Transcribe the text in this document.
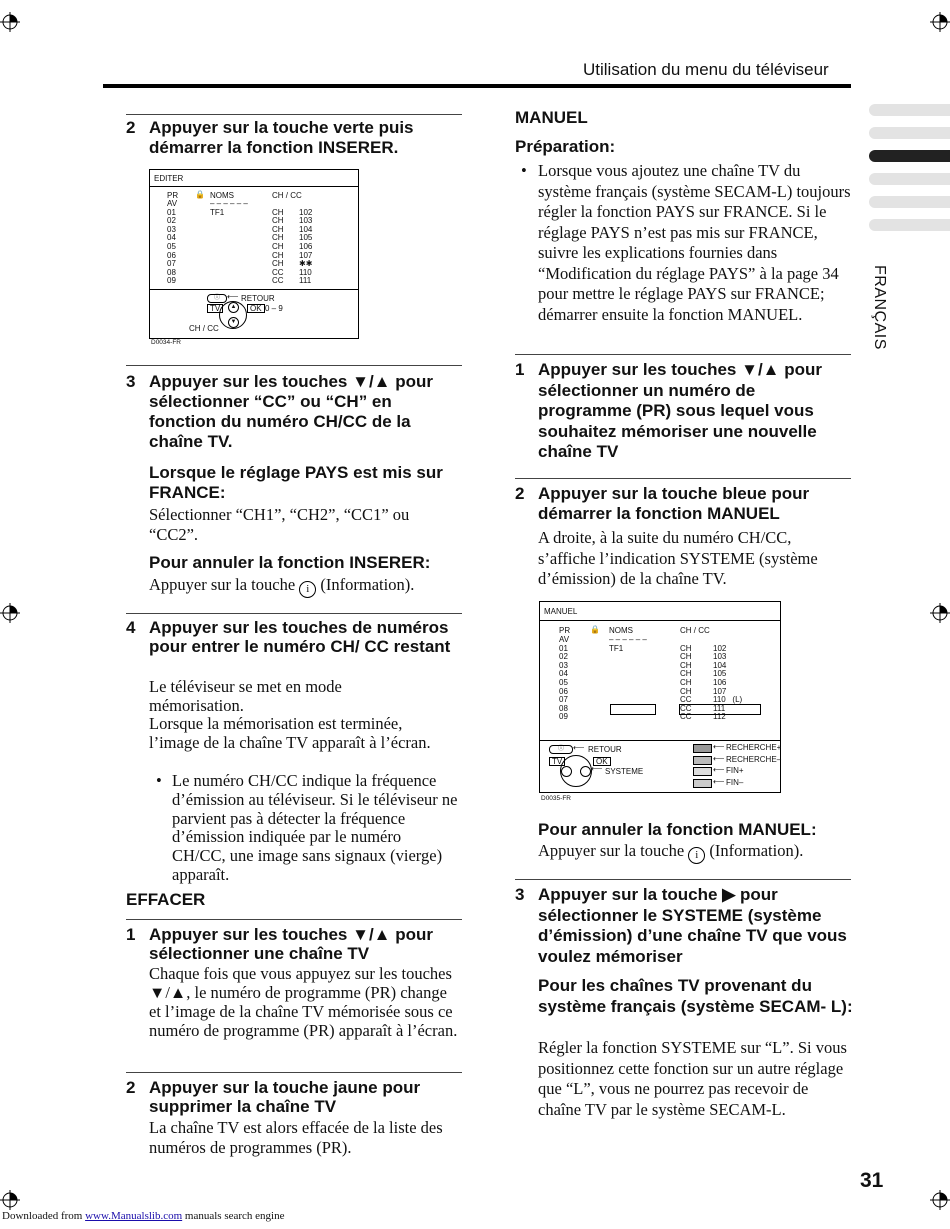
Utilisation du menu du téléviseur
FRANÇAIS
2 Appuyer sur la touche verte puis démarrer la fonction INSERER.
EDITER
PR 🔒 NOMS	CH / CC
AV	– – – – – –
01	TF1	CH 102
02	CH 103
03	CH 104
04	CH 105
05	CH 106
06	CH 107
07	CH ✱✱
08	CC 110
09	CC 111
ⓘ ⟵ RETOUR
TV	▲
▼
OK 0 – 9
CH / CC
D0034-FR
3 Appuyer sur les touches ▼/▲ pour sélectionner “CC” ou “CH” en fonction du numéro CH/CC de la chaîne TV.
Lorsque le réglage PAYS est mis sur FRANCE:
Sélectionner “CH1”, “CH2”, “CC1” ou “CC2”.
Pour annuler la fonction INSERER:
Appuyer sur la touche i (Information).
4 Appuyer sur les touches de numéros pour entrer le numéro CH/ CC restant
Le téléviseur se met en mode mémorisation.
Lorsque la mémorisation est terminée, l’image de la chaîne TV apparaît à l’écran.
• Le numéro CH/CC indique la fréquence d’émission au téléviseur. Si le téléviseur ne parvient pas à détecter la fréquence d’émission indiquée par le numéro CH/CC, une image sans signaux (vierge) apparaît.
EFFACER
1 Appuyer sur les touches ▼/▲ pour sélectionner une chaîne TV
Chaque fois que vous appuyez sur les touches ▼/▲, le numéro de programme (PR) change et l’image de la chaîne TV mémorisée sous ce numéro de programme (PR) apparaît à l’écran.
2 Appuyer sur la touche jaune pour supprimer la chaîne TV
La chaîne TV est alors effacée de la liste des numéros de programmes (PR).
MANUEL
Préparation:
• Lorsque vous ajoutez une chaîne TV du système français (système SECAM-L) toujours régler la fonction PAYS sur FRANCE. Si le réglage PAYS n’est pas mis sur FRANCE, suivre les explications fournies dans “Modification du réglage PAYS” à la page 34 pour mettre le réglage PAYS sur FRANCE; démarrer ensuite la fonction MANUEL.
1 Appuyer sur les touches ▼/▲ pour sélectionner un numéro de programme (PR) sous lequel vous souhaitez mémoriser une nouvelle chaîne TV
2 Appuyer sur la touche bleue pour démarrer la fonction MANUEL
A droite, à la suite du numéro CH/CC, s’affiche l’indication SYSTEME (système d’émission) de la chaîne TV.
MANUEL
PR 🔒 NOMS	CH / CC
AV	– – – – – –
01	TF1	CH	102
02	CH	103
03	CH	104
04	CH	105
05	CH	106
06	CH	107
07	CC	110   (L)
08	CC	111
09	CC	112
ⓘ	⟵ RETOUR
TV	OK
⟵ SYSTEME
⟵ RECHERCHE+
⟵ RECHERCHE–
⟵ FIN+
⟵ FIN–
D0035-FR
Pour annuler la fonction MANUEL:
Appuyer sur la touche i (Information).
3 Appuyer sur la touche ▶ pour sélectionner le SYSTEME (système d’émission) d’une chaîne TV que vous voulez mémoriser
Pour les chaînes TV provenant du système français (système SECAM- L):
Régler la fonction SYSTEME sur “L”. Si vous positionnez cette fonction sur un autre réglage que “L”, vous ne pourrez pas recevoir de chaîne TV par le système SECAM-L.
31
Downloaded from www.Manualslib.com manuals search engine
